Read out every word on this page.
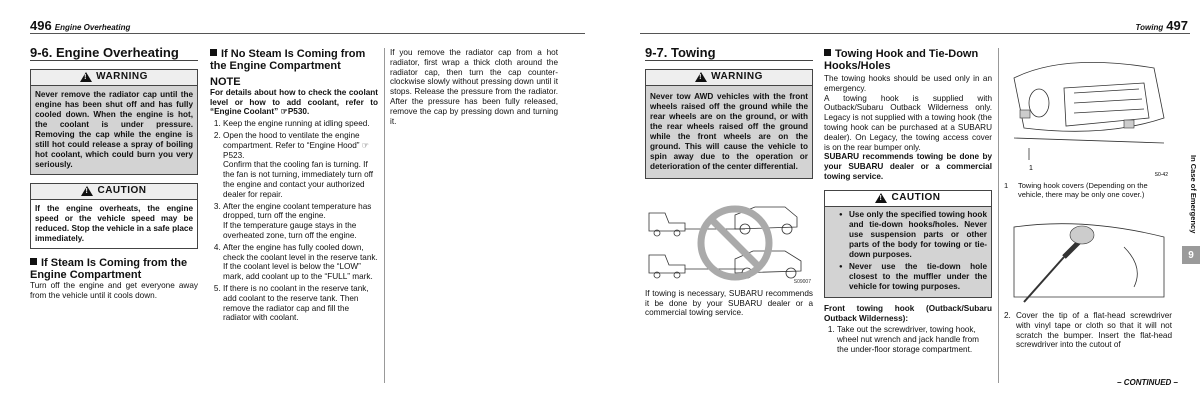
496 Engine Overheating
9-6. Engine Overheating
!
WARNING
Never remove the radiator cap until the engine has been shut off and has fully cooled down. When the engine is hot, the coolant is under pressure. Removing the cap while the engine is still hot could release a spray of boiling hot coolant, which could burn you very seriously.
!
CAUTION
If the engine overheats, the engine speed or the vehicle speed may be reduced. Stop the vehicle in a safe place immediately.
If Steam Is Coming from the Engine Compartment

Turn off the engine and get everyone away from the vehicle until it cools down.

If No Steam Is Coming from the Engine Compartment
NOTE

For details about how to check the coolant level or how to add coolant, refer to “Engine Coolant” ☞P530.

1. Keep the engine running at idling speed.
2. Open the hood to ventilate the engine compartment. Refer to “Engine Hood” ☞P523.
Confirm that the cooling fan is turning. If the fan is not turning, immediately turn off the engine and contact your authorized dealer for repair.
3. After the engine coolant temperature has dropped, turn off the engine.
If the temperature gauge stays in the overheated zone, turn off the engine.
4. After the engine has fully cooled down, check the coolant level in the reserve tank.
If the coolant level is below the “LOW” mark, add coolant up to the “FULL” mark.
5. If there is no coolant in the reserve tank, add coolant to the reserve tank. Then remove the radiator cap and fill the radiator with coolant.

If you remove the radiator cap from a hot radiator, first wrap a thick cloth around the radiator cap, then turn the cap counter-clockwise slowly without pressing down until it stops. Release the pressure from the radiator. After the pressure has been fully released, remove the cap by pressing down and turning it.

Towing 497
9-7. Towing
!
WARNING
Never tow AWD vehicles with the front wheels raised off the ground while the rear wheels are on the ground, or with the rear wheels raised off the ground while the front wheels are on the ground. This will cause the vehicle to spin away due to the operation or deterioration of the center differential.
S09007

If towing is necessary, SUBARU recommends it be done by your SUBARU dealer or a commercial towing service.

Towing Hook and Tie-Down Hooks/Holes

The towing hooks should be used only in an emergency.

A towing hook is supplied with Outback/Subaru Outback Wilderness only. Legacy is not supplied with a towing hook (the towing hook can be purchased at a SUBARU dealer). On Legacy, the towing access cover is on the rear bumper only.

SUBARU recommends towing be done by your SUBARU dealer or a commercial towing service.

!
CAUTION
● Use only the specified towing hook and tie-down hooks/holes. Never use suspension parts or other parts of the body for towing or tie-down purposes.
● Never use the tie-down hole closest to the muffler under the vehicle for towing purposes.

Front towing hook (Outback/Subaru Outback Wilderness):

1. Take out the screwdriver, towing hook, wheel nut wrench and jack handle from the under-floor storage compartment.
1
S0-42
1	Towing hook covers (Depending on the vehicle, there may be only one cover.)
2. Cover the tip of a flat-head screwdriver with vinyl tape or cloth so that it will not scratch the bumper. Insert the flat-head screwdriver into the cutout of
– CONTINUED –
In Case of Emergency
9
